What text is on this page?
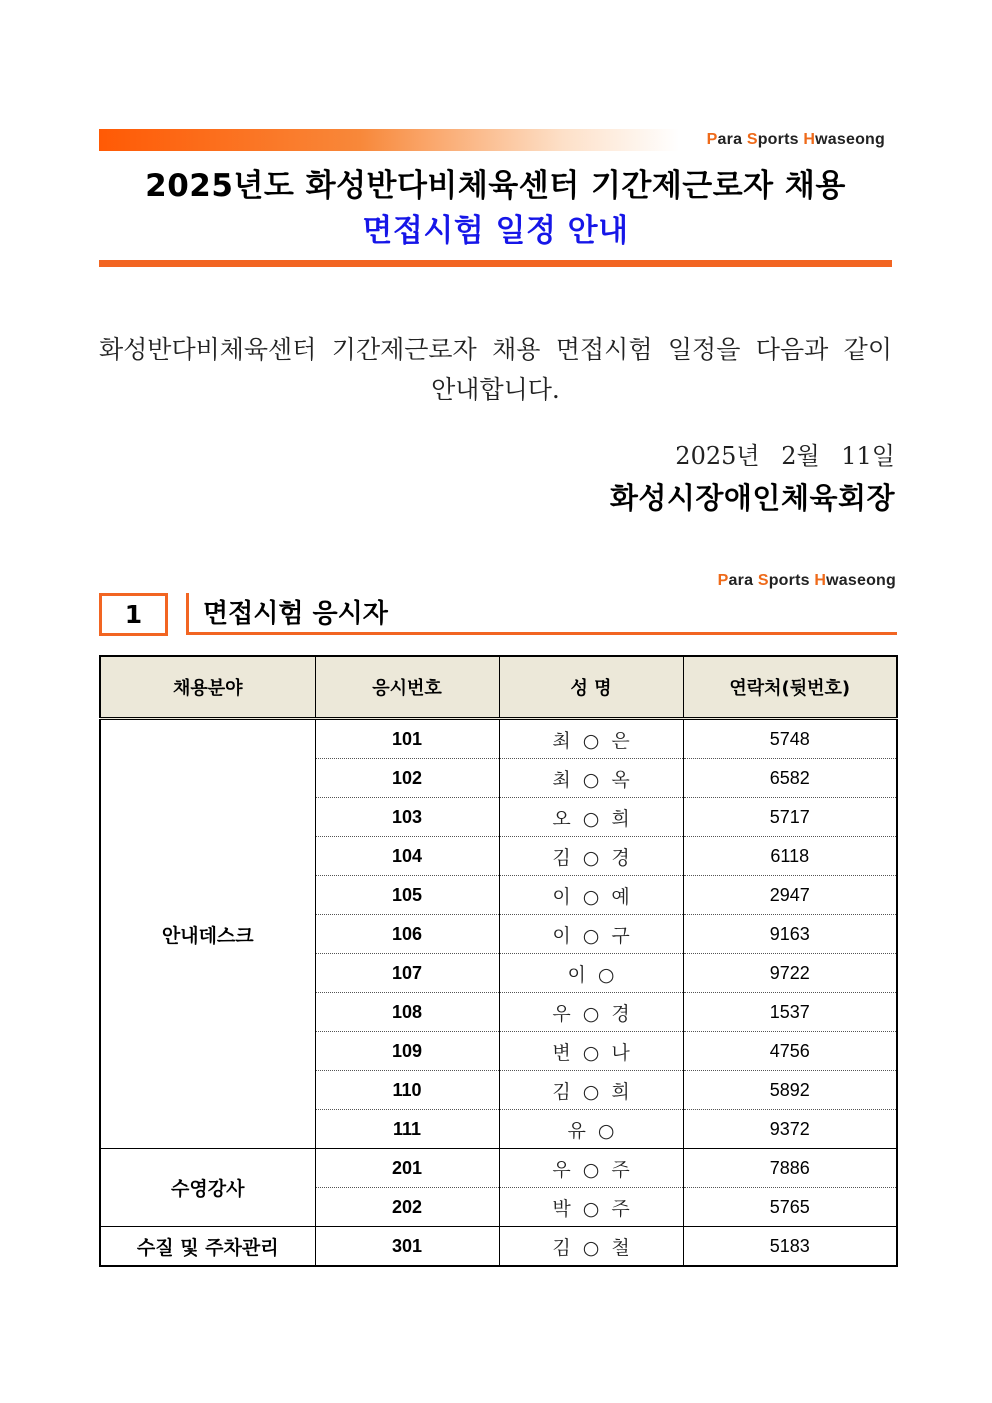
Para Sports Hwaseong
2025년도 화성반다비체육센터 기간제근로자 채용
면접시험 일정 안내
화성반다비체육센터 기간제근로자 채용 면접시험 일정을 다음과 같이
안내합니다.
2025년 2월 11일
화성시장애인체육회장
Para Sports Hwaseong
1 면접시험 응시자
채용분야	응시번호	성 명	연락처(뒷번호)
안내데스크	101	최 ○ 은	5748
	102	최 ○ 옥	6582
	103	오 ○ 희	5717
	104	김 ○ 경	6118
	105	이 ○ 예	2947
	106	이 ○ 구	9163
	107	이 ○	9722
	108	우 ○ 경	1537
	109	변 ○ 나	4756
	110	김 ○ 희	5892
	111	유 ○	9372
수영강사	201	우 ○ 주	7886
	202	박 ○ 주	5765
수질 및 주차관리	301	김 ○ 철	5183
